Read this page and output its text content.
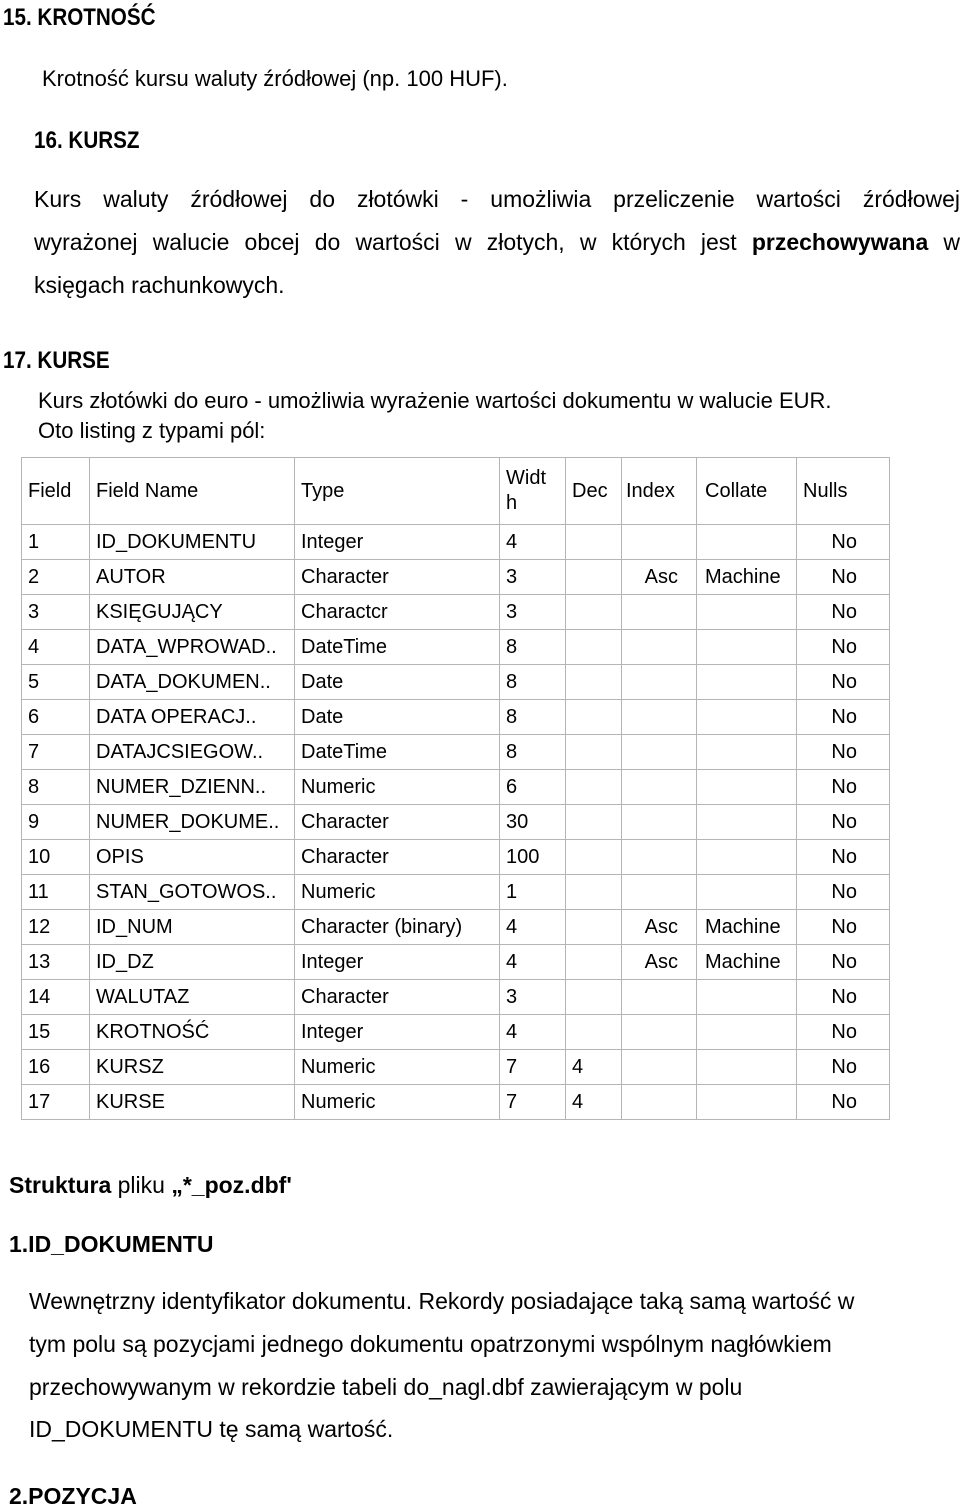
15. KROTNOŚĆ
Krotność kursu waluty źródłowej (np. 100 HUF).
16. KURSZ
Kurs waluty źródłowej do złotówki - umożliwia przeliczenie wartości źródłowej
wyrażonej walucie obcej do wartości w złotych, w których jest przechowywana w
księgach rachunkowych.
17. KURSE
Kurs złotówki do euro - umożliwia wyrażenie wartości dokumentu w walucie EUR.
Oto listing z typami pól:
Field	Field Name	Type	Widt h	Dec	Index	Collate	Nulls
1	ID_DOKUMENTU	Integer	4				No
2	AUTOR	Character	3		Asc	Machine	No
3	KSIĘGUJĄCY	Charactcr	3				No
4	DATA_WPROWAD..	DateTime	8				No
5	DATA_DOKUMEN..	Date	8				No
6	DATA OPERACJ..	Date	8				No
7	DATAJCSIEGOW..	DateTime	8				No
8	NUMER_DZIENN..	Numeric	6				No
9	NUMER_DOKUME..	Character	30				No
10	OPIS	Character	100				No
11	STAN_GOTOWOS..	Numeric	1				No
12	ID_NUM	Character (binary)	4		Asc	Machine	No
13	ID_DZ	Integer	4		Asc	Machine	No
14	WALUTAZ	Character	3				No
15	KROTNOŚĆ	Integer	4				No
16	KURSZ	Numeric	7	4			No
17	KURSE	Numeric	7	4			No
Struktura pliku „*_poz.dbf'
1.ID_DOKUMENTU
Wewnętrzny identyfikator dokumentu. Rekordy posiadające taką samą wartość w
tym polu są pozycjami jednego dokumentu opatrzonymi wspólnym nagłówkiem
przechowywanym w rekordzie tabeli do_nagl.dbf zawierającym w polu
ID_DOKUMENTU tę samą wartość.
2.POZYCJA
